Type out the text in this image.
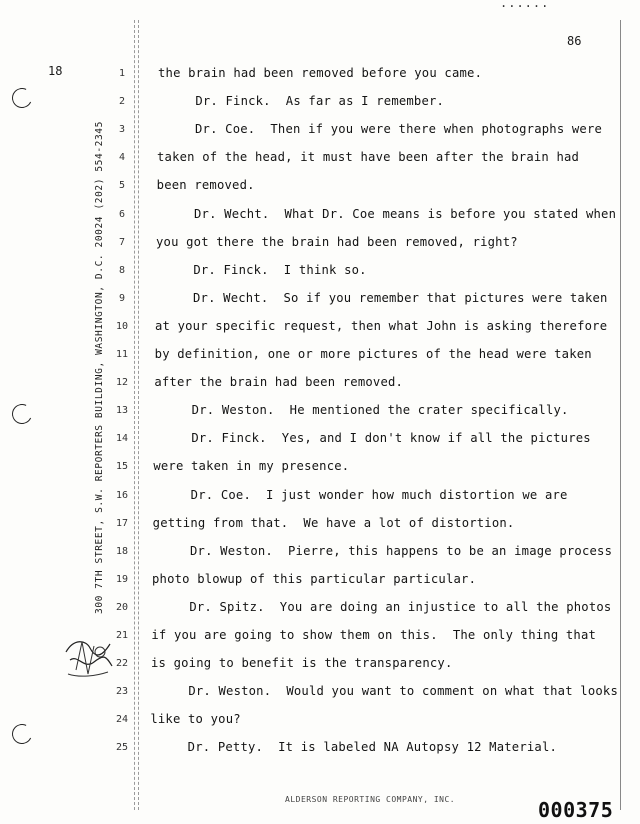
......
86
18
300 7TH STREET, S.W. REPORTERS BUILDING, WASHINGTON, D.C. 20024 (202) 554-2345
1	the brain had been removed before you came.
2	Dr. Finck.  As far as I remember.
3	Dr. Coe.  Then if you were there when photographs were
4	taken of the head, it must have been after the brain had
5	been removed.
6	Dr. Wecht.  What Dr. Coe means is before you stated when
7	you got there the brain had been removed, right?
8	Dr. Finck.  I think so.
9 Dr. Wecht.  So if you remember that pictures were taken
10 at your specific request, then what John is asking therefore
11 by definition, one or more pictures of the head were taken
12 after the brain had been removed.
13 Dr. Weston.  He mentioned the crater specifically.
14 Dr. Finck.  Yes, and I don't know if all the pictures
15 were taken in my presence.
16 Dr. Coe.  I just wonder how much distortion we are
17 getting from that.  We have a lot of distortion.
18 Dr. Weston.  Pierre, this happens to be an image process
19 photo blowup of this particular particular.
20 Dr. Spitz.  You are doing an injustice to all the photos
21 if you are going to show them on this.  The only thing that
22 is going to benefit is the transparency.
23 Dr. Weston.  Would you want to comment on what that looks
24 like to you?
25 Dr. Petty.  It is labeled NA Autopsy 12 Material.
ALDERSON REPORTING COMPANY, INC.	000375
